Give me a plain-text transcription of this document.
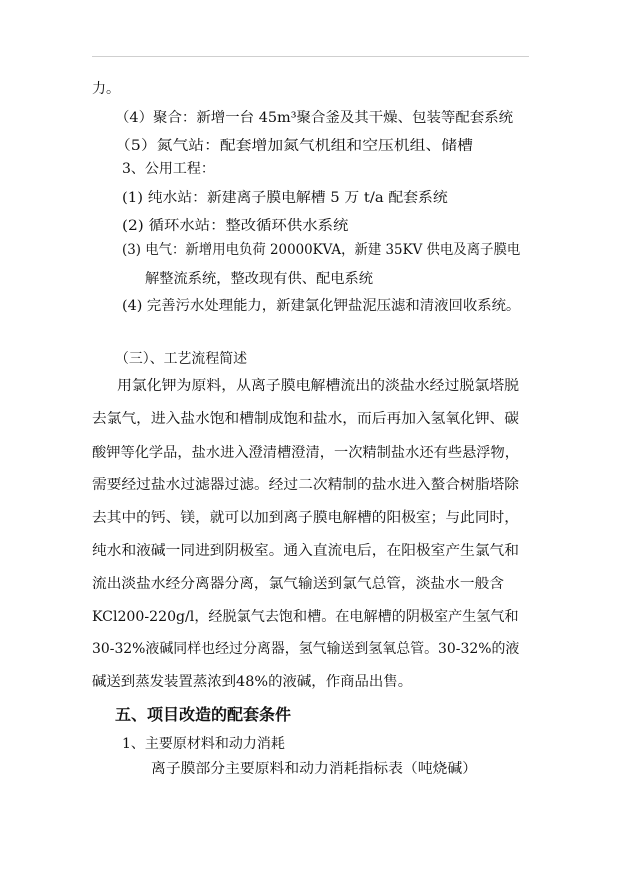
力。
（4）聚合：新增一台 45m³聚合釜及其干燥、包装等配套系统
（5）氮气站：配套增加氮气机组和空压机组、储槽
3、公用工程：
(1) 纯水站：新建离子膜电解槽 5 万 t/a 配套系统
(2) 循环水站：整改循环供水系统
(3) 电气：新增用电负荷 20000KVA，新建 35KV 供电及离子膜电
解整流系统，整改现有供、配电系统
(4) 完善污水处理能力，新建氯化钾盐泥压滤和清液回收系统。
（三）、工艺流程简述
用氯化钾为原料，从离子膜电解槽流出的淡盐水经过脱氯塔脱
去氯气，进入盐水饱和槽制成饱和盐水，而后再加入氢氧化钾、碳
酸钾等化学品，盐水进入澄清槽澄清，一次精制盐水还有些悬浮物，
需要经过盐水过滤器过滤。经过二次精制的盐水进入螯合树脂塔除
去其中的钙、镁，就可以加到离子膜电解槽的阳极室；与此同时，
纯水和液碱一同进到阴极室。通入直流电后，在阳极室产生氯气和
流出淡盐水经分离器分离，氯气输送到氯气总管，淡盐水一般含
KCl200-220g/l，经脱氯气去饱和槽。在电解槽的阴极室产生氢气和
30-32%液碱同样也经过分离器，氢气输送到氢氧总管。30-32%的液
碱送到蒸发装置蒸浓到48%的液碱，作商品出售。
五、项目改造的配套条件
1、主要原材料和动力消耗
离子膜部分主要原料和动力消耗指标表（吨烧碱）
